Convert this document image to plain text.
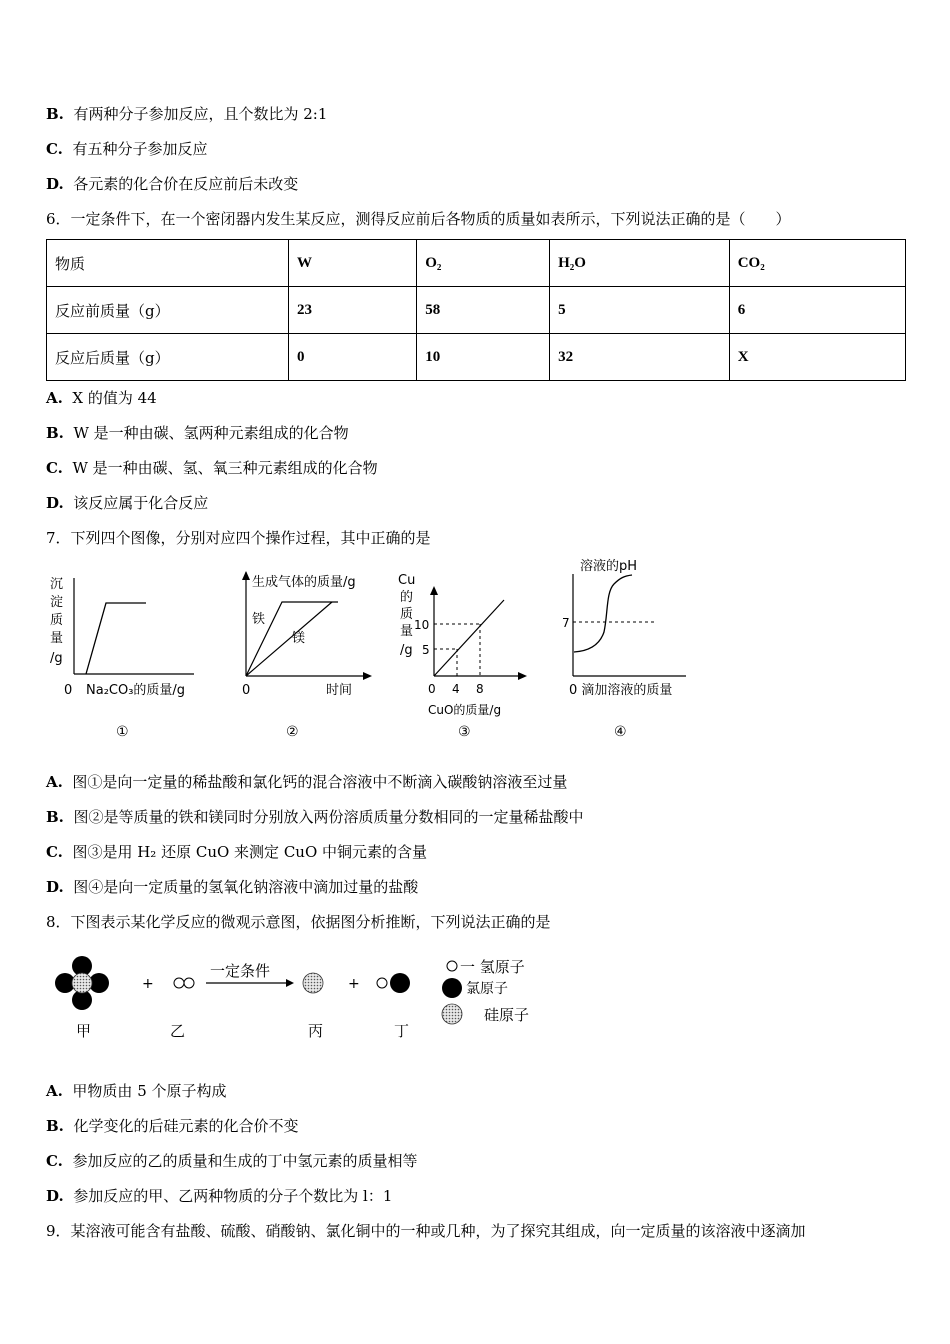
B. 有两种分子参加反应，且个数比为 2:1
C. 有五种分子参加反应
D. 各元素的化合价在反应前后未改变
6．一定条件下，在一个密闭器内发生某反应，测得反应前后各物质的质量如表所示，下列说法正确的是（　　）
物质	W	O₂	H₂O	CO₂
反应前质量（g）	23	58	5	6
反应后质量（g）	0	10	32	X
A. X 的值为 44
B. W 是一种由碳、氢两种元素组成的化合物
C. W 是一种由碳、氢、氧三种元素组成的化合物
D. 该反应属于化合反应
7．下列四个图像，分别对应四个操作过程，其中正确的是
沉
淀
质
量
/g
0 Na₂CO₃的质量/g
①
生成气体的质量/g
铁
镁
0	时间
②
Cu
的
质
量
/g
10
5
0 4 8
CuO的质量/g
③
溶液的pH
7
0 滴加溶液的质量
④
A. 图①是向一定量的稀盐酸和氯化钙的混合溶液中不断滴入碳酸钠溶液至过量
B. 图②是等质量的铁和镁同时分别放入两份溶质质量分数相同的一定量稀盐酸中
C. 图③是用 H₂ 还原 CuO 来测定 CuO 中铜元素的含量
D. 图④是向一定质量的氢氧化钠溶液中滴加过量的盐酸
8．下图表示某化学反应的微观示意图，依据图分析推断，下列说法正确的是
+
一定条件
+
甲	乙	丙	丁
一 氢原子
氯原子
硅原子
A. 甲物质由 5 个原子构成
B. 化学变化的后硅元素的化合价不变
C. 参加反应的乙的质量和生成的丁中氢元素的质量相等
D. 参加反应的甲、乙两种物质的分子个数比为 l：1
9．某溶液可能含有盐酸、硫酸、硝酸钠、氯化铜中的一种或几种，为了探究其组成，向一定质量的该溶液中逐滴加
